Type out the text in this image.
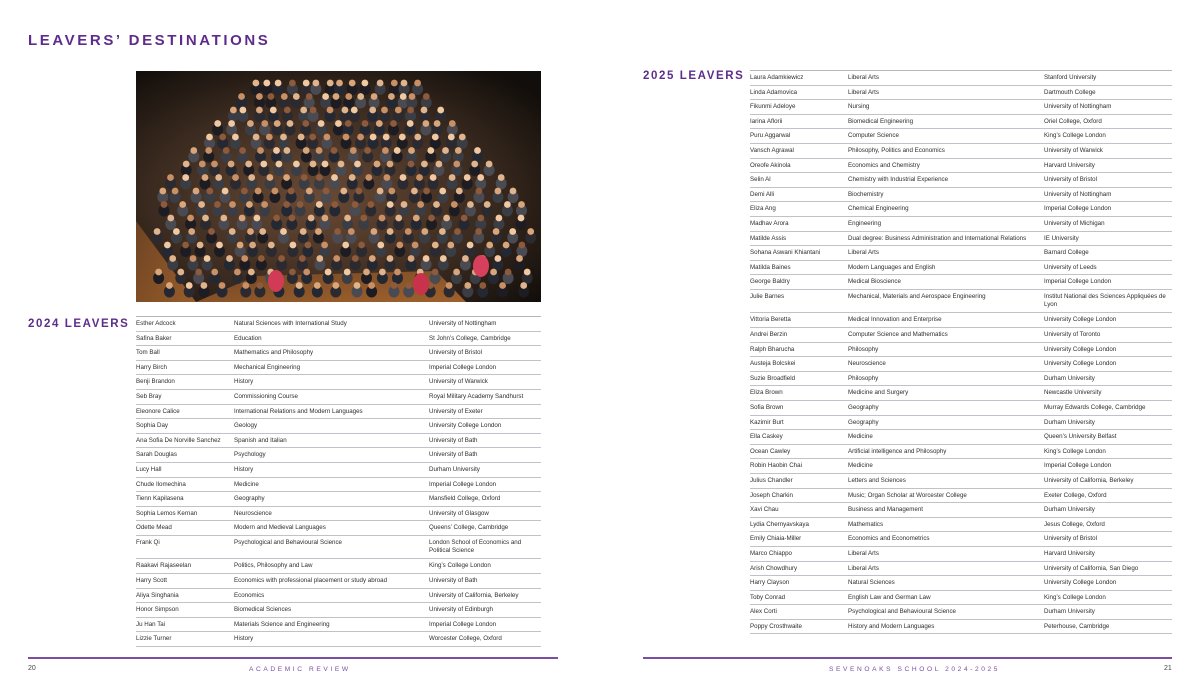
LEAVERS’ DESTINATIONS
2024 LEAVERS Esther Adcock	Natural Sciences with International Study	University of Nottingham
Safina Baker	Education	St John’s College, Cambridge
Tom Ball	Mathematics and Philosophy	University of Bristol
Harry Birch	Mechanical Engineering	Imperial College London
Benji Brandon	History	University of Warwick
Seb Bray	Commissioning Course	Royal Military Academy Sandhurst
Eleonore Calice	International Relations and Modern Languages	University of Exeter
Sophia Day	Geology	University College London
Ana Sofia De Norville Sanchez	Spanish and Italian	University of Bath
Sarah Douglas	Psychology	University of Bath
Lucy Hall	History	Durham University
Chude Ilomechina	Medicine	Imperial College London
Tienn Kapilasena	Geography	Mansfield College, Oxford
Sophia Lemos Kernan	Neuroscience	University of Glasgow
Odette Mead	Modern and Medieval Languages	Queens’ College, Cambridge
Frank Qi	Psychological and Behavioural Science	London School of Economics and Political Science
Raakavi Rajaseelan	Politics, Philosophy and Law	King’s College London
Harry Scott	Economics with professional placement or study abroad	University of Bath
Aliya Singhania	Economics	University of California, Berkeley
Honor Simpson	Biomedical Sciences	University of Edinburgh
Ju Han Tai	Materials Science and Engineering	Imperial College London
Lizzie Turner	History	Worcester College, Oxford
2025 LEAVERS Laura Adamkiewicz	Liberal Arts	Stanford University
Linda Adamovica	Liberal Arts	Dartmouth College
Fikunmi Adeloye	Nursing	University of Nottingham
Iarina Aflorii	Biomedical Engineering	Oriel College, Oxford
Puru Aggarwal	Computer Science	King’s College London
Vansch Agrawal	Philosophy, Politics and Economics	University of Warwick
Oreofe Akinola	Economics and Chemistry	Harvard University
Selin Al	Chemistry with Industrial Experience	University of Bristol
Demi Alli	Biochemistry	University of Nottingham
Eliza Ang	Chemical Engineering	Imperial College London
Madhav Arora	Engineering	University of Michigan
Matilde Assis	Dual degree: Business Administration and International Relations	IE University
Sohana Aswani Khiantani	Liberal Arts	Barnard College
Matilda Baines	Modern Languages and English	University of Leeds
George Baldry	Medical Bioscience	Imperial College London
Julie Barnes	Mechanical, Materials and Aerospace Engineering	Institut National des Sciences Appliquées de Lyon
Vittoria Beretta	Medical Innovation and Enterprise	University College London
Andrei Berzin	Computer Science and Mathematics	University of Toronto
Ralph Bharucha	Philosophy	University College London
Austeja Bolcskei	Neuroscience	University College London
Suzie Broadfield	Philosophy	Durham University
Eliza Brown	Medicine and Surgery	Newcastle University
Sofia Brown	Geography	Murray Edwards College, Cambridge
Kazimir Burt	Geography	Durham University
Ella Caskey	Medicine	Queen’s University Belfast
Ocean Cawley	Artificial intelligence and Philosophy	King’s College London
Robin Haobin Chai	Medicine	Imperial College London
Julius Chandler	Letters and Sciences	University of California, Berkeley
Joseph Charkin	Music; Organ Scholar at Worcester College	Exeter College, Oxford
Xavi Chau	Business and Management	Durham University
Lydia Chernyavskaya	Mathematics	Jesus College, Oxford
Emily Chiaia-Miller	Economics and Econometrics	University of Bristol
Marco Chiappo	Liberal Arts	Harvard University
Arish Chowdhury	Liberal Arts	University of California, San Diego
Harry Clayson	Natural Sciences	University College London
Toby Conrad	English Law and German Law	King’s College London
Alex Corti	Psychological and Behavioural Science	Durham University
Poppy Crosthwaite	History and Modern Languages	Peterhouse, Cambridge
20	ACADEMIC REVIEW	SEVENOAKS SCHOOL 2024-2025	21
